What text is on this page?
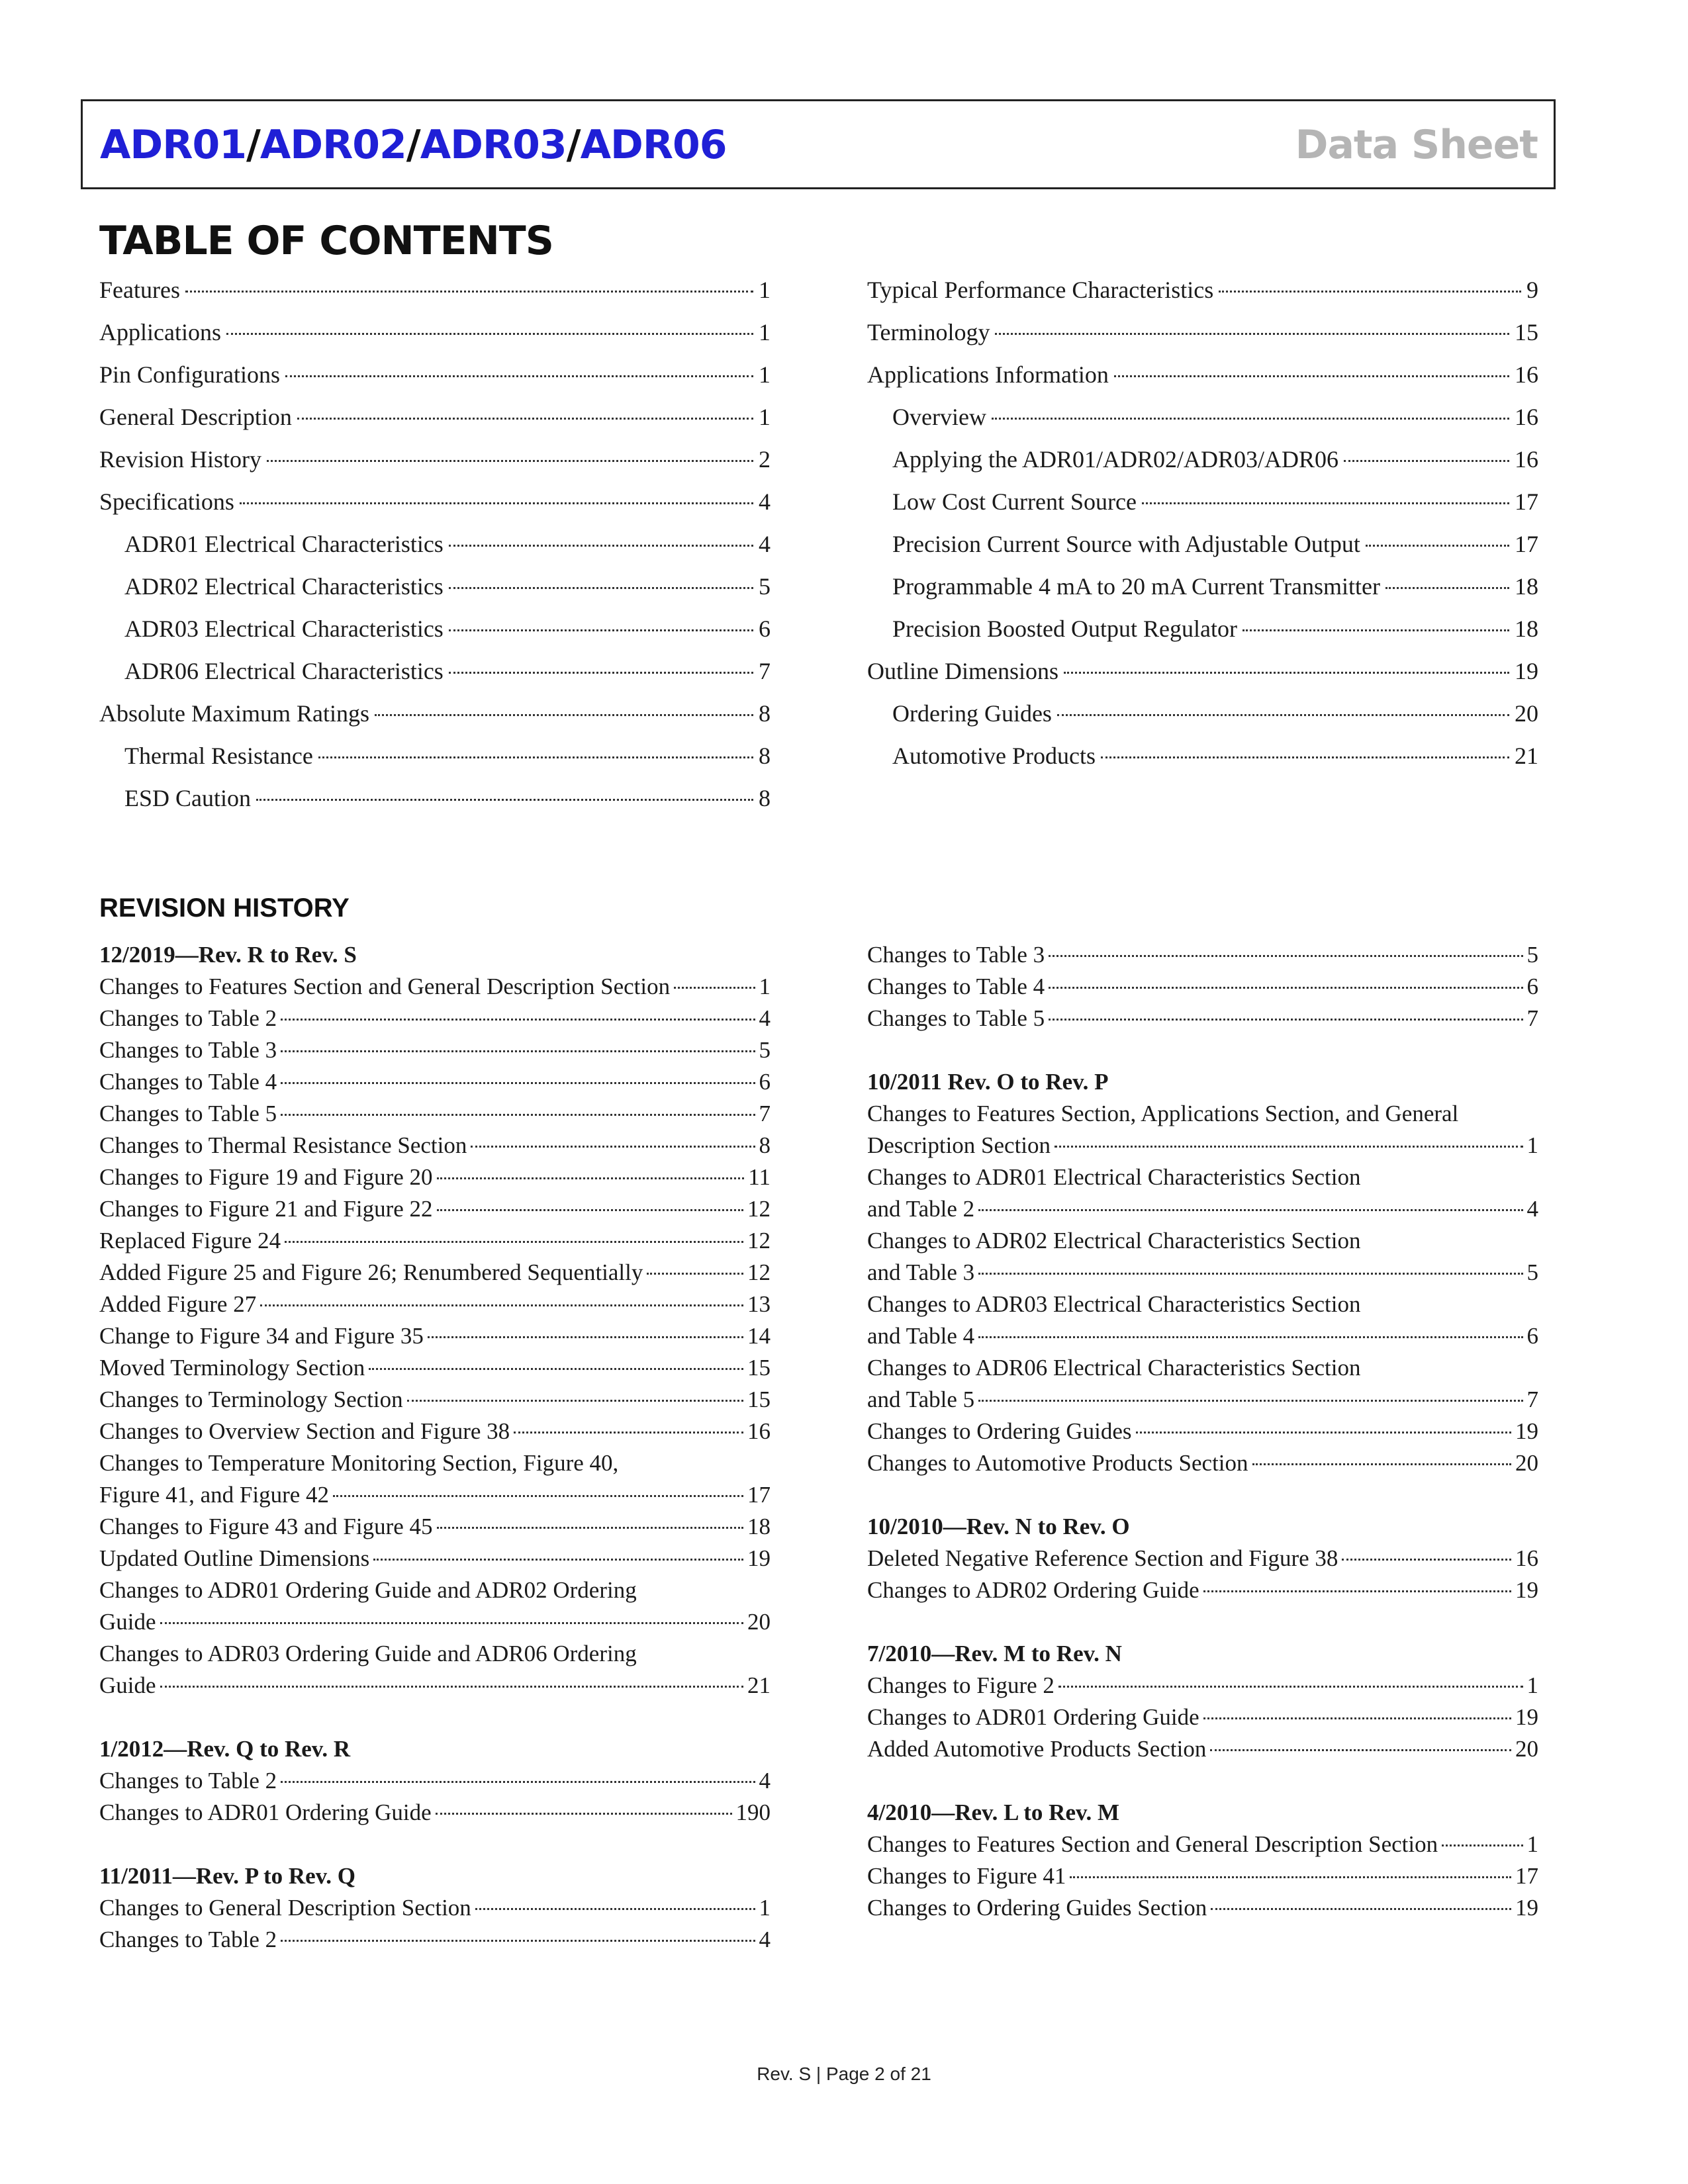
ADR01/ADR02/ADR03/ADR06	Data Sheet
TABLE OF CONTENTS
Features	1
Applications	1
Pin Configurations	1
General Description	1
Revision History	2
Specifications	4
ADR01 Electrical Characteristics	4
ADR02 Electrical Characteristics	5
ADR03 Electrical Characteristics	6
ADR06 Electrical Characteristics	7
Absolute Maximum Ratings	8
Thermal Resistance	8
ESD Caution	8
Typical Performance Characteristics	9
Terminology	15
Applications Information	16
Overview	16
Applying the ADR01/ADR02/ADR03/ADR06	16
Low Cost Current Source	17
Precision Current Source with Adjustable Output	17
Programmable 4 mA to 20 mA Current Transmitter	18
Precision Boosted Output Regulator	18
Outline Dimensions	19
Ordering Guides	20
Automotive Products	21
REVISION HISTORY
12/2019—Rev. R to Rev. S
Changes to Features Section and General Description Section	1
Changes to Table 2	4
Changes to Table 3	5
Changes to Table 4	6
Changes to Table 5	7
Changes to Thermal Resistance Section	8
Changes to Figure 19 and Figure 20	11
Changes to Figure 21 and Figure 22	12
Replaced Figure 24	12
Added Figure 25 and Figure 26; Renumbered Sequentially	12
Added Figure 27	13
Change to Figure 34 and Figure 35	14
Moved Terminology Section	15
Changes to Terminology Section	15
Changes to Overview Section and Figure 38	16
Changes to Temperature Monitoring Section, Figure 40,
Figure 41, and Figure 42	17
Changes to Figure 43 and Figure 45	18
Updated Outline Dimensions	19
Changes to ADR01 Ordering Guide and ADR02 Ordering
Guide	20
Changes to ADR03 Ordering Guide and ADR06 Ordering
Guide	21
1/2012—Rev. Q to Rev. R
Changes to Table 2	4
Changes to ADR01 Ordering Guide	190
11/2011—Rev. P to Rev. Q
Changes to General Description Section	1
Changes to Table 2	4
Changes to Table 3	5
Changes to Table 4	6
Changes to Table 5	7
10/2011 Rev. O to Rev. P
Changes to Features Section, Applications Section, and General
Description Section	1
Changes to ADR01 Electrical Characteristics Section
and Table 2	4
Changes to ADR02 Electrical Characteristics Section
and Table 3	5
Changes to ADR03 Electrical Characteristics Section
and Table 4	6
Changes to ADR06 Electrical Characteristics Section
and Table 5	7
Changes to Ordering Guides	19
Changes to Automotive Products Section	20
10/2010—Rev. N to Rev. O
Deleted Negative Reference Section and Figure 38	16
Changes to ADR02 Ordering Guide	19
7/2010—Rev. M to Rev. N
Changes to Figure 2	1
Changes to ADR01 Ordering Guide	19
Added Automotive Products Section	20
4/2010—Rev. L to Rev. M
Changes to Features Section and General Description Section	1
Changes to Figure 41	17
Changes to Ordering Guides Section	19
Rev. S | Page 2 of 21
